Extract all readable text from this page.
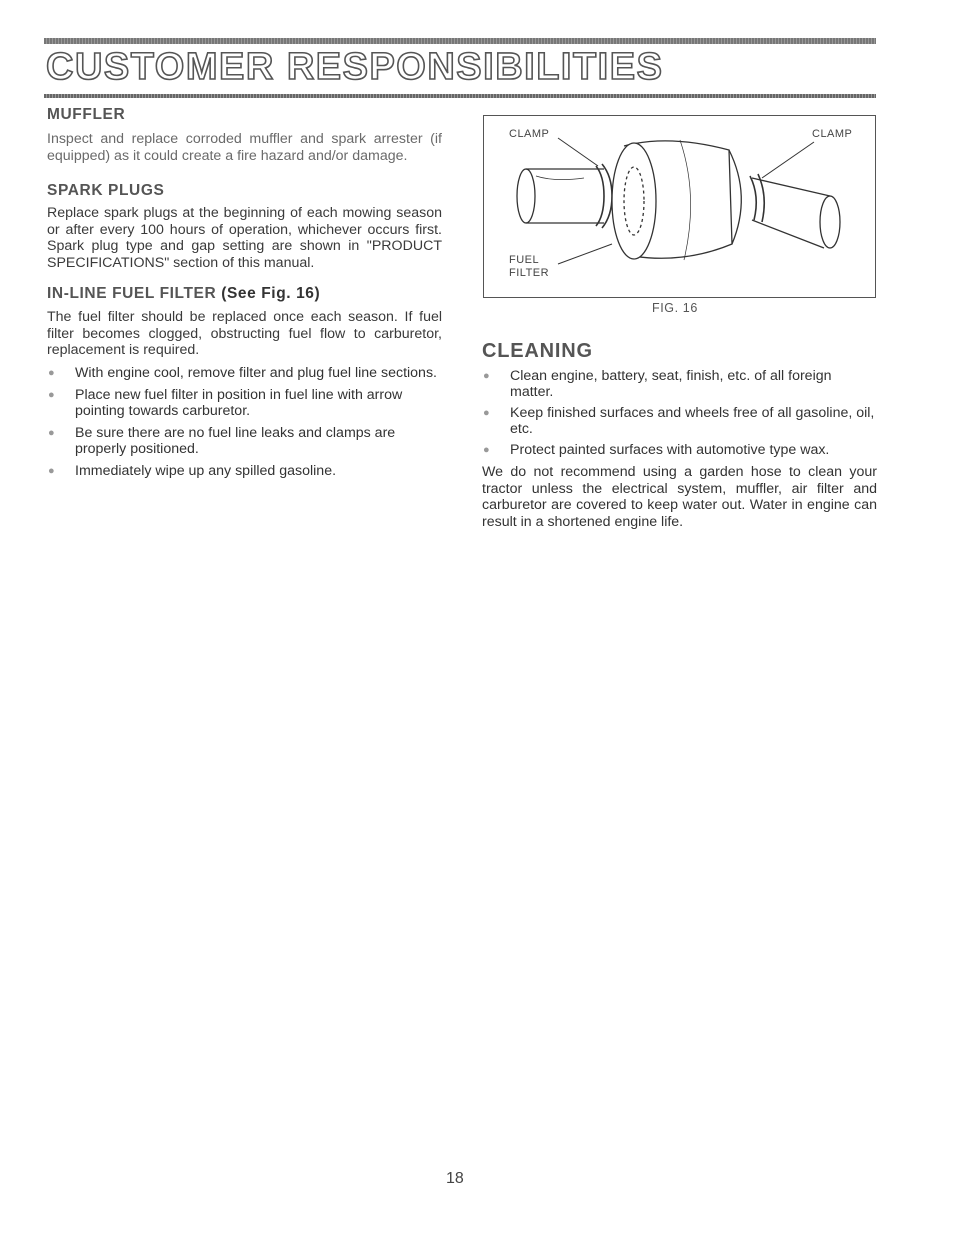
CUSTOMER RESPONSIBILITIES
MUFFLER

Inspect and replace corroded muffler and spark arrester (if equipped) as it could create a fire hazard and/or damage.

SPARK PLUGS

Replace spark plugs at the beginning of each mowing season or after every 100 hours of operation, whichever occurs first. Spark plug type and gap setting are shown in "PRODUCT SPECIFICATIONS" section of this manual.

IN-LINE FUEL FILTER (See Fig. 16)

The fuel filter should be replaced once each season. If fuel filter becomes clogged, obstructing fuel flow to carburetor, replacement is required.

● With engine cool, remove filter and plug fuel line sections.
● Place new fuel filter in position in fuel line with arrow pointing towards carburetor.
● Be sure there are no fuel line leaks and clamps are properly positioned.
● Immediately wipe up any spilled gasoline.
CLAMP	CLAMP
FUEL
FILTER
FIG. 16
CLEANING
● Clean engine, battery, seat, finish, etc. of all foreign matter.
● Keep finished surfaces and wheels free of all gasoline, oil, etc.
● Protect painted surfaces with automotive type wax.

We do not recommend using a garden hose to clean your tractor unless the electrical system, muffler, air filter and carburetor are covered to keep water out. Water in engine can result in a shortened engine life.

18
